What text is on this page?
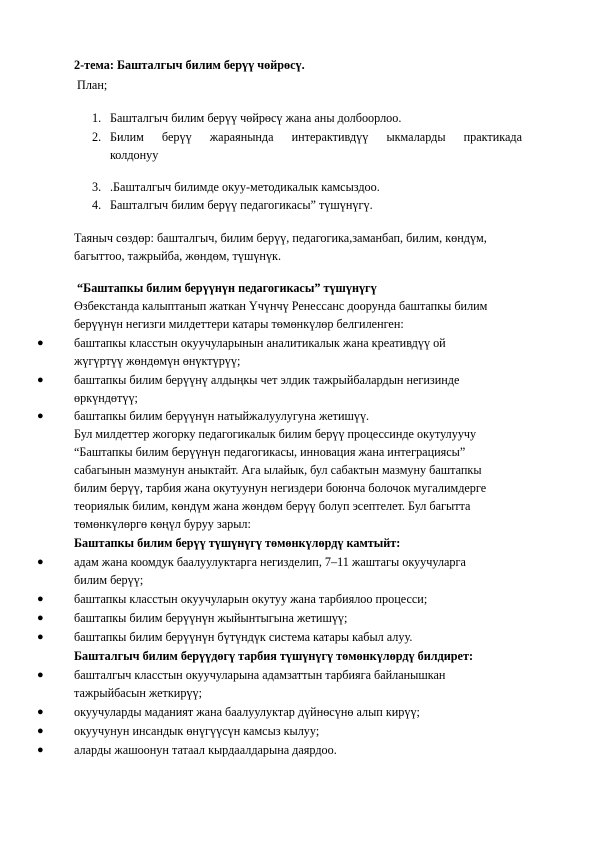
2-тема: Башталгыч билим берүү чөйрөсү.
План;
1. Башталгыч билим берүү чөйрөсү жана аны долбоорлоо.
2. Билим берүү жараянында интерактивдүү ыкмаларды практикада
колдонуу
3. .Башталгыч билимде окуу-методикалык камсыздоо.
4. Башталгыч билим берүү педагогикасы” түшүнүгү.
Таяныч сөздөр: башталгыч, билим берүү, педагогика,заманбап, билим, көндүм,
багыттоо, тажрыйба, жөндөм, түшүнүк.
“Баштапкы билим берүүнүн педагогикасы” түшүнүгү
Өзбекстанда калыптанып жаткан Үчүнчү Ренессанс доорунда баштапкы билим
берүүнүн негизги милдеттери катары төмөнкүлөр белгиленген:
● баштапкы класстын окуучуларынын аналитикалык жана креативдүү ой
жүгүртүү жөндөмүн өнүктүрүү;
● баштапкы билим берүүнү алдыңкы чет элдик тажрыйбалардын негизинде
өркүндөтүү;
● баштапкы билим берүүнүн натыйжалуулугуна жетишүү.
Бул милдеттер жогорку педагогикалык билим берүү процессинде окутулуучу
“Баштапкы билим берүүнүн педагогикасы, инновация жана интеграциясы”
сабагынын мазмунун аныктайт. Ага ылайык, бул сабактын мазмуну баштапкы
билим берүү, тарбия жана окутуунун негиздери боюнча болочок мугалимдерге
теориялык билим, көндүм жана жөндөм берүү болуп эсептелет. Бул багытта
төмөнкүлөргө көңүл буруу зарыл:
Баштапкы билим берүү түшүнүгү төмөнкүлөрдү камтыйт:
● адам жана коомдук баалуулуктарга негизделип, 7–11 жаштагы окуучуларга
билим берүү;
● баштапкы класстын окуучуларын окутуу жана тарбиялоо процесси;
● баштапкы билим берүүнүн жыйынтыгына жетишүү;
● баштапкы билим берүүнүн бүтүндүк система катары кабыл алуу.
Башталгыч билим берүүдөгү тарбия түшүнүгү төмөнкүлөрдү билдирет:
● башталгыч класстын окуучуларына адамзаттын тарбияга байланышкан
тажрыйбасын жеткирүү;
● окуучуларды маданият жана баалуулуктар дүйнөсүнө алып кирүү;
● окуучунун инсандык өнүгүүсүн камсыз кылуу;
● аларды жашоонун татаал кырдаалдарына даярдоо.
